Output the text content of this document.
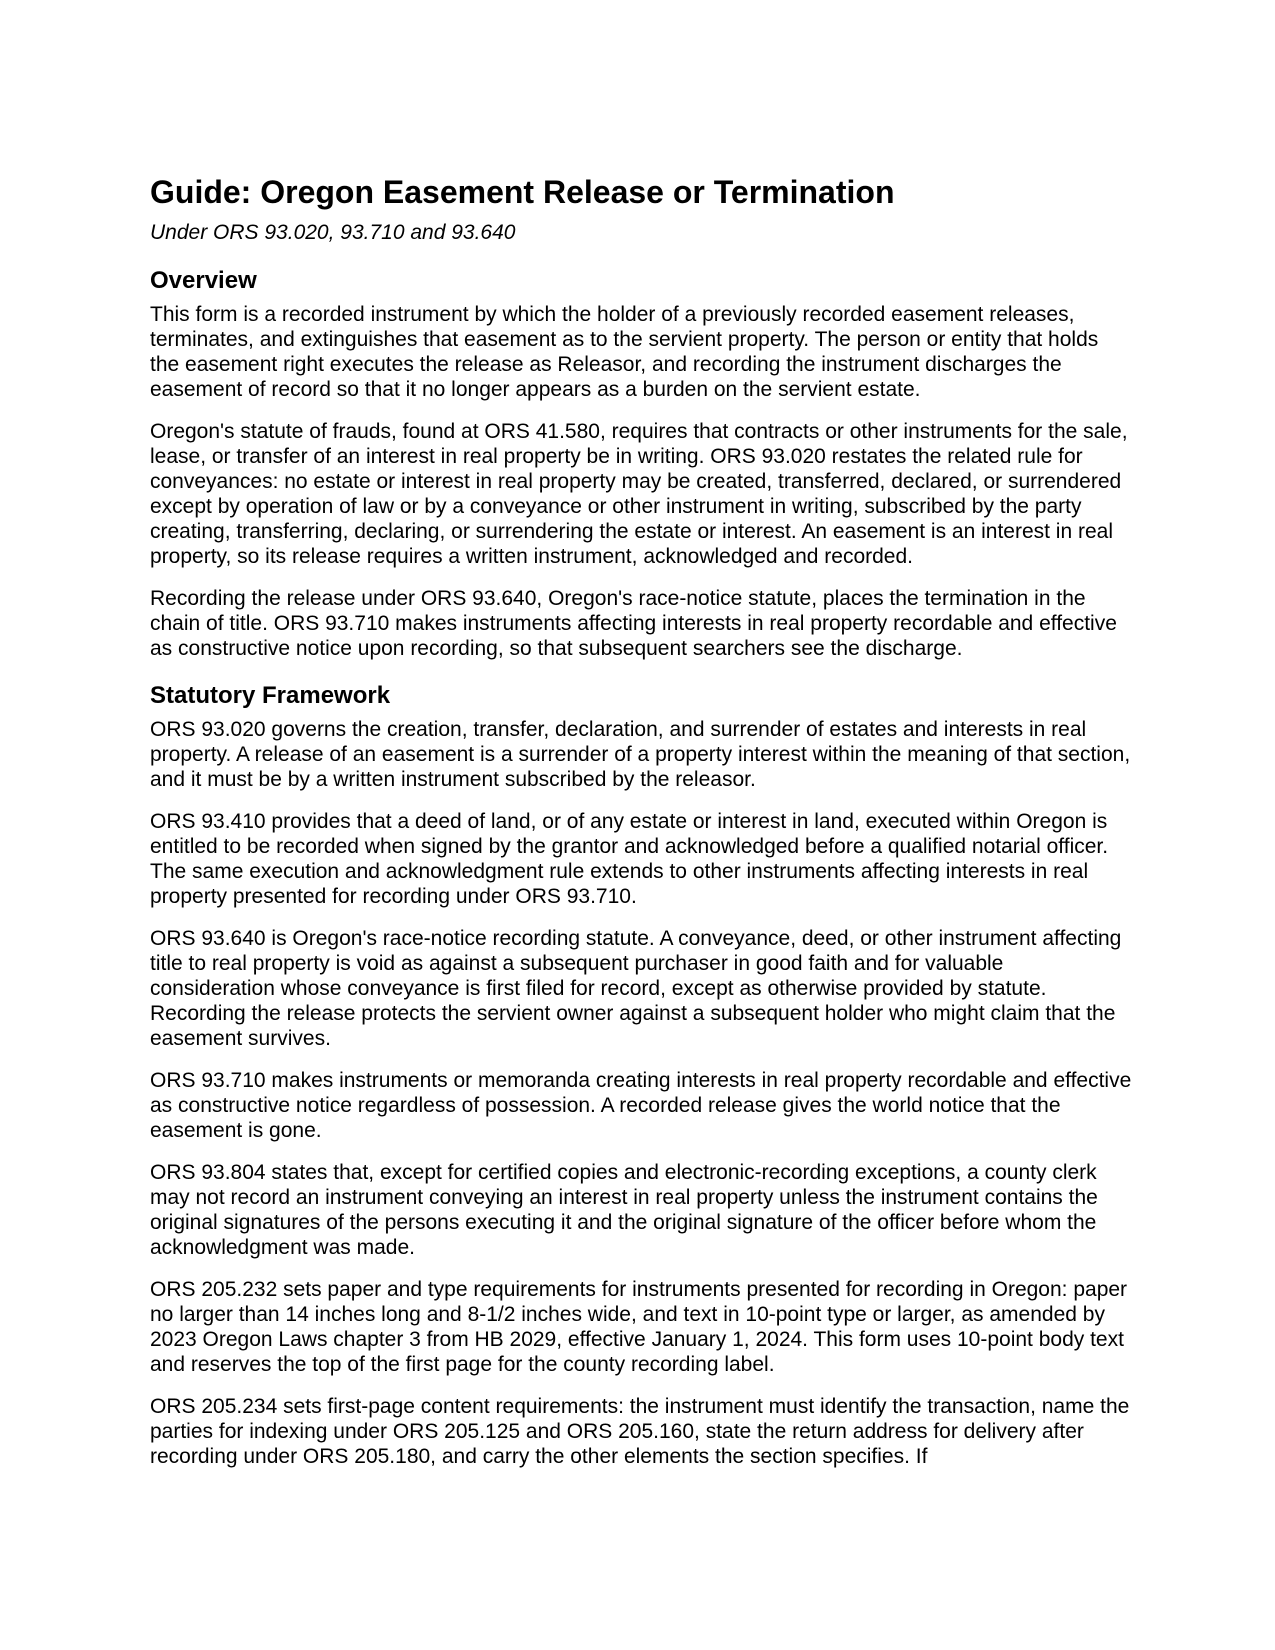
Guide: Oregon Easement Release or Termination
Under ORS 93.020, 93.710 and 93.640
Overview

This form is a recorded instrument by which the holder of a previously recorded easement releases, terminates, and extinguishes that easement as to the servient property. The person or entity that holds the easement right executes the release as Releasor, and recording the instrument discharges the easement of record so that it no longer appears as a burden on the servient estate.

Oregon's statute of frauds, found at ORS 41.580, requires that contracts or other instruments for the sale, lease, or transfer of an interest in real property be in writing. ORS 93.020 restates the related rule for conveyances: no estate or interest in real property may be created, transferred, declared, or surrendered except by operation of law or by a conveyance or other instrument in writing, subscribed by the party creating, transferring, declaring, or surrendering the estate or interest. An easement is an interest in real property, so its release requires a written instrument, acknowledged and recorded.

Recording the release under ORS 93.640, Oregon's race-notice statute, places the termination in the chain of title. ORS 93.710 makes instruments affecting interests in real property recordable and effective as constructive notice upon recording, so that subsequent searchers see the discharge.

Statutory Framework

ORS 93.020 governs the creation, transfer, declaration, and surrender of estates and interests in real property. A release of an easement is a surrender of a property interest within the meaning of that section, and it must be by a written instrument subscribed by the releasor.

ORS 93.410 provides that a deed of land, or of any estate or interest in land, executed within Oregon is entitled to be recorded when signed by the grantor and acknowledged before a qualified notarial officer. The same execution and acknowledgment rule extends to other instruments affecting interests in real property presented for recording under ORS 93.710.

ORS 93.640 is Oregon's race-notice recording statute. A conveyance, deed, or other instrument affecting title to real property is void as against a subsequent purchaser in good faith and for valuable consideration whose conveyance is first filed for record, except as otherwise provided by statute. Recording the release protects the servient owner against a subsequent holder who might claim that the easement survives.

ORS 93.710 makes instruments or memoranda creating interests in real property recordable and effective as constructive notice regardless of possession. A recorded release gives the world notice that the easement is gone.

ORS 93.804 states that, except for certified copies and electronic-recording exceptions, a county clerk may not record an instrument conveying an interest in real property unless the instrument contains the original signatures of the persons executing it and the original signature of the officer before whom the acknowledgment was made.

ORS 205.232 sets paper and type requirements for instruments presented for recording in Oregon: paper no larger than 14 inches long and 8-1/2 inches wide, and text in 10-point type or larger, as amended by 2023 Oregon Laws chapter 3 from HB 2029, effective January 1, 2024. This form uses 10-point body text and reserves the top of the first page for the county recording label.

ORS 205.234 sets first-page content requirements: the instrument must identify the transaction, name the parties for indexing under ORS 205.125 and ORS 205.160, state the return address for delivery after recording under ORS 205.180, and carry the other elements the section specifies. If
